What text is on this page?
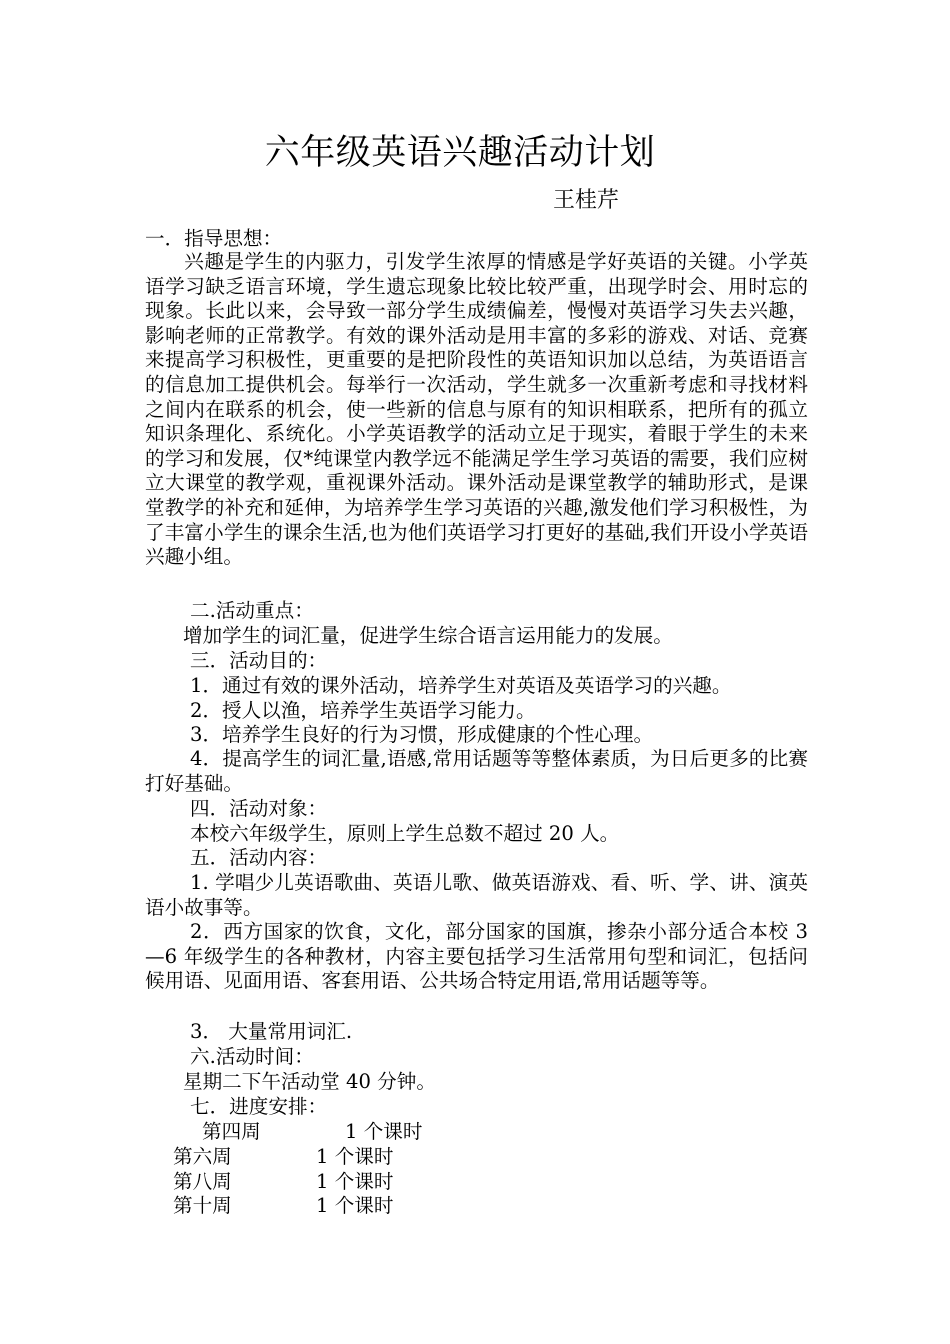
六年级英语兴趣活动计划
王桂芹
一．指导思想：
兴趣是学生的内驱力，引发学生浓厚的情感是学好英语的关键。小学英语学习缺乏语言环境，学生遗忘现象比较比较严重，出现学时会、用时忘的现象。长此以来，会导致一部分学生成绩偏差，慢慢对英语学习失去兴趣，影响老师的正常教学。有效的课外活动是用丰富的多彩的游戏、对话、竞赛来提高学习积极性，更重要的是把阶段性的英语知识加以总结，为英语语言的信息加工提供机会。每举行一次活动，学生就多一次重新考虑和寻找材料之间内在联系的机会，使一些新的信息与原有的知识相联系，把所有的孤立知识条理化、系统化。小学英语教学的活动立足于现实，着眼于学生的未来的学习和发展，仅*纯课堂内教学远不能满足学生学习英语的需要，我们应树立大课堂的教学观，重视课外活动。课外活动是课堂教学的辅助形式，是课堂教学的补充和延伸，为培养学生学习英语的兴趣,激发他们学习积极性，为了丰富小学生的课余生活,也为他们英语学习打更好的基础,我们开设小学英语兴趣小组。
二.活动重点：
增加学生的词汇量，促进学生综合语言运用能力的发展。
三．活动目的：
1．通过有效的课外活动，培养学生对英语及英语学习的兴趣。
2．授人以渔，培养学生英语学习能力。
3．培养学生良好的行为习惯，形成健康的个性心理。
4．提高学生的词汇量,语感,常用话题等等整体素质，为日后更多的比赛打好基础。
四．活动对象：
本校六年级学生，原则上学生总数不超过 20 人。
五．活动内容：
1. 学唱少儿英语歌曲、英语儿歌、做英语游戏、看、听、学、讲、演英语小故事等。
2．西方国家的饮食，文化，部分国家的国旗，掺杂小部分适合本校 3—6 年级学生的各种教材，内容主要包括学习生活常用句型和词汇，包括问候用语、见面用语、客套用语、公共场合特定用语,常用话题等等。
3． 大量常用词汇.
六.活动时间：
星期二下午活动堂 40 分钟。
七．进度安排：
第四周	1 个课时
第六周	1 个课时
第八周	1 个课时
第十周	1 个课时
